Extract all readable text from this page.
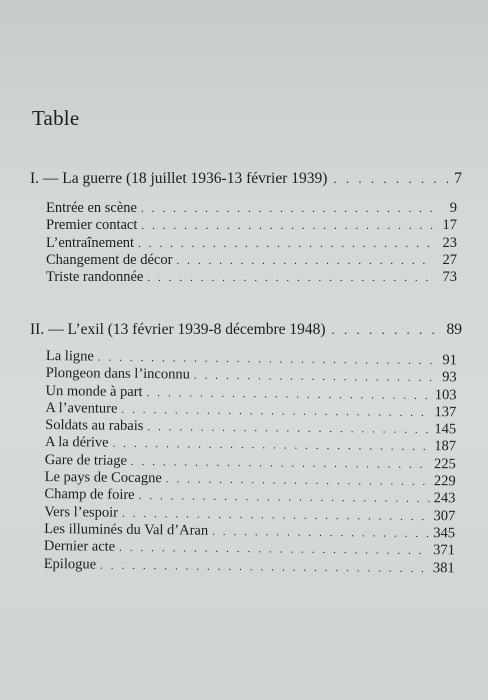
Table
I. — La guerre (18 juillet 1936-13 février 1939) . . .	7
Entrée en scène . . .	9
Premier contact . . .	17
L’entraînement . . .	23
Changement de décor . . .	27
Triste randonnée . . .	73
II. — L’exil (13 février 1939-8 décembre 1948) . . .	89
La ligne . . .	91
Plongeon dans l’inconnu . . .	93
Un monde à part . . .	103
A l’aventure . . .	137
Soldats au rabais . . .	145
A la dérive . . .	187
Gare de triage . . .	225
Le pays de Cocagne . . .	229
Champ de foire . . .	243
Vers l’espoir . . .	307
Les illuminés du Val d’Aran . . .	345
Dernier acte . . .	371
Epilogue . . .	381
